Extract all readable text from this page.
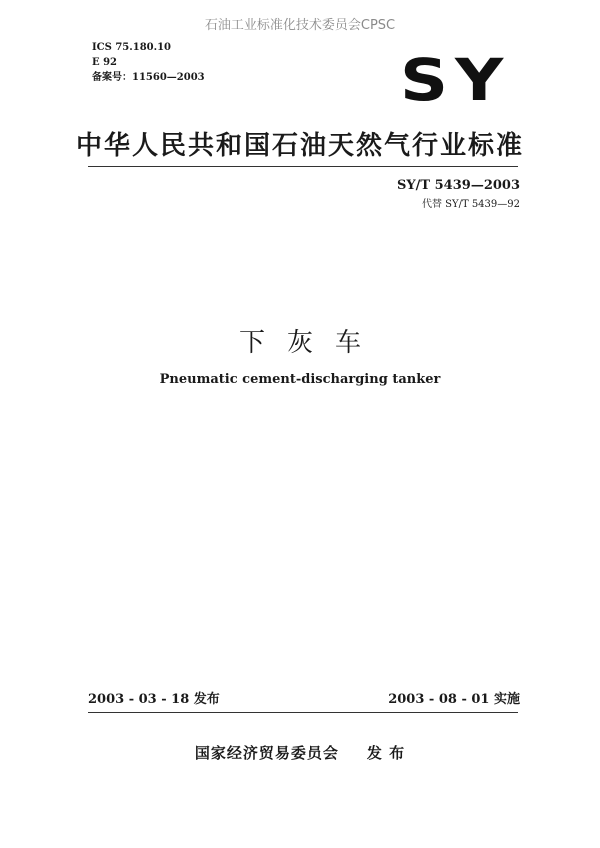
石油工业标准化技术委员会CPSC
ICS 75.180.10
E 92
备案号：11560—2003	SY
中华人民共和国石油天然气行业标准
SY/T 5439—2003
代替 SY/T 5439—92
下灰车
Pneumatic cement-discharging tanker
2003 - 03 - 18 发布	2003 - 08 - 01 实施
国家经济贸易委员会 发 布
